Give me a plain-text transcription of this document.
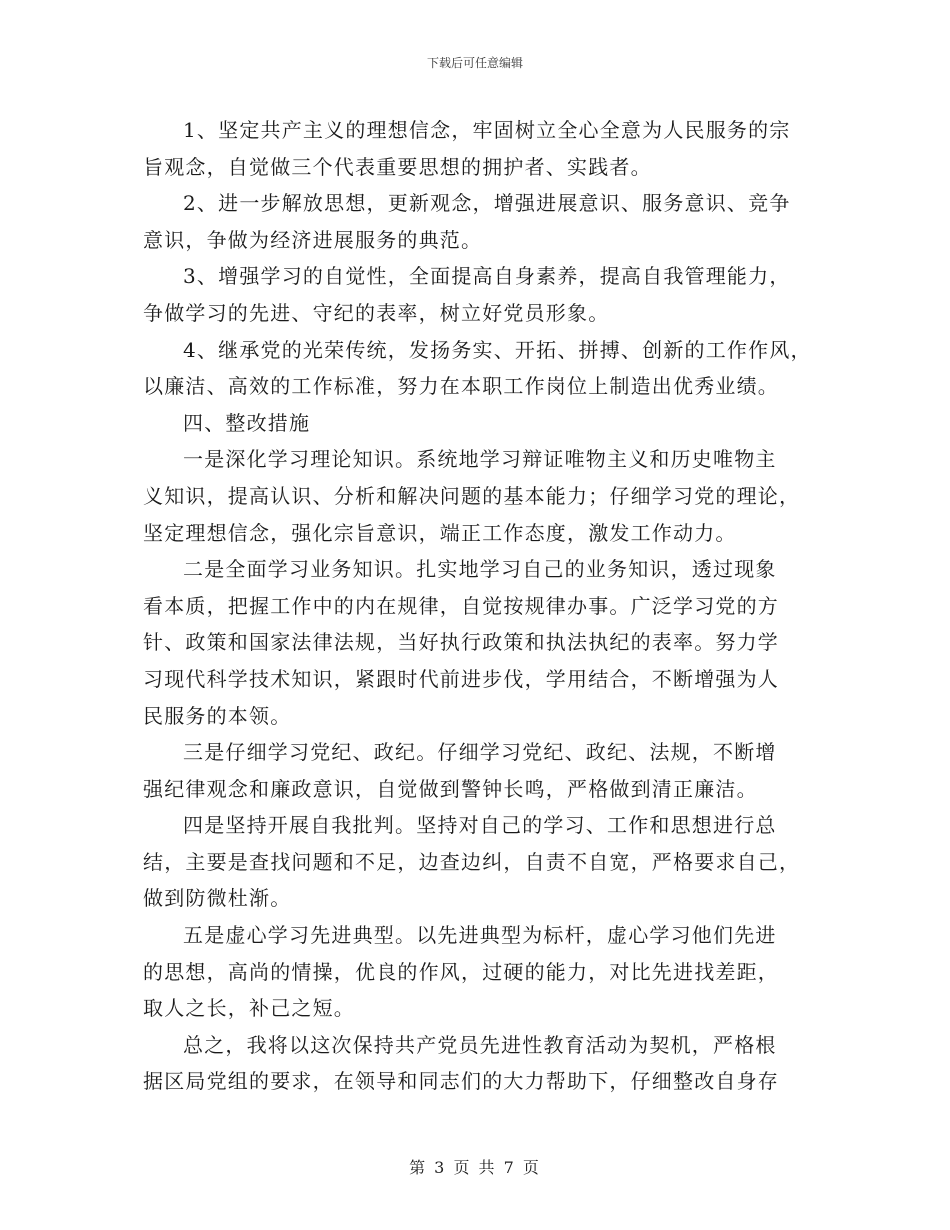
下载后可任意编辑
1、坚定共产主义的理想信念，牢固树立全心全意为人民服务的宗
旨观念，自觉做三个代表重要思想的拥护者、实践者。
2、进一步解放思想，更新观念，增强进展意识、服务意识、竞争
意识，争做为经济进展服务的典范。
3、增强学习的自觉性，全面提高自身素养，提高自我管理能力，
争做学习的先进、守纪的表率，树立好党员形象。
4、继承党的光荣传统，发扬务实、开拓、拼搏、创新的工作作风，
以廉洁、高效的工作标准，努力在本职工作岗位上制造出优秀业绩。
四、整改措施
一是深化学习理论知识。系统地学习辩证唯物主义和历史唯物主
义知识，提高认识、分析和解决问题的基本能力；仔细学习党的理论，
坚定理想信念，强化宗旨意识，端正工作态度，激发工作动力。
二是全面学习业务知识。扎实地学习自己的业务知识，透过现象
看本质，把握工作中的内在规律，自觉按规律办事。广泛学习党的方
针、政策和国家法律法规，当好执行政策和执法执纪的表率。努力学
习现代科学技术知识，紧跟时代前进步伐，学用结合，不断增强为人
民服务的本领。
三是仔细学习党纪、政纪。仔细学习党纪、政纪、法规，不断增
强纪律观念和廉政意识，自觉做到警钟长鸣，严格做到清正廉洁。
四是坚持开展自我批判。坚持对自己的学习、工作和思想进行总
结，主要是查找问题和不足，边查边纠，自责不自宽，严格要求自己，
做到防微杜渐。
五是虚心学习先进典型。以先进典型为标杆，虚心学习他们先进
的思想，高尚的情操，优良的作风，过硬的能力，对比先进找差距，
取人之长，补己之短。
总之，我将以这次保持共产党员先进性教育活动为契机，严格根
据区局党组的要求，在领导和同志们的大力帮助下，仔细整改自身存
第 3 页 共 7 页
